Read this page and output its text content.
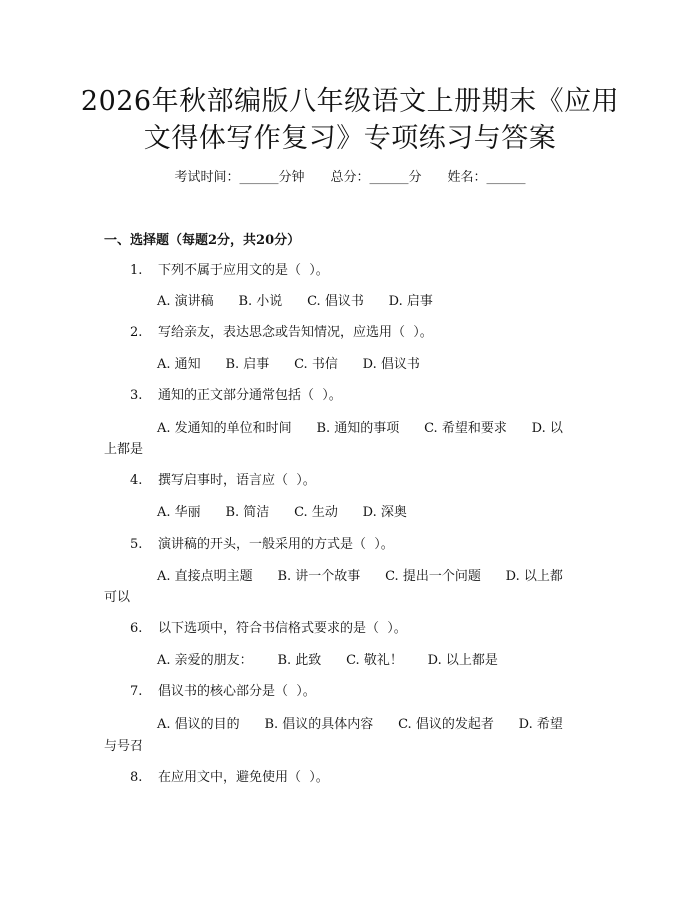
2026年秋部编版八年级语文上册期末《应用
文得体写作复习》专项练习与答案
考试时间：______分钟 总分：______分 姓名：______
一、选择题（每题2分，共20分）
1. 下列不属于应用文的是（  ）。
A. 演讲稿 B. 小说 C. 倡议书 D. 启事
2. 写给亲友，表达思念或告知情况，应选用（  ）。
A. 通知 B. 启事 C. 书信 D. 倡议书
3. 通知的正文部分通常包括（  ）。
A. 发通知的单位和时间 B. 通知的事项 C. 希望和要求 D. 以
上都是
4. 撰写启事时，语言应（  ）。
A. 华丽 B. 简洁 C. 生动 D. 深奥
5. 演讲稿的开头，一般采用的方式是（  ）。
A. 直接点明主题 B. 讲一个故事 C. 提出一个问题 D. 以上都
可以
6. 以下选项中，符合书信格式要求的是（  ）。
A. 亲爱的朋友： B. 此致 C. 敬礼！ D. 以上都是
7. 倡议书的核心部分是（  ）。
A. 倡议的目的 B. 倡议的具体内容 C. 倡议的发起者 D. 希望
与号召
8. 在应用文中，避免使用（  ）。
